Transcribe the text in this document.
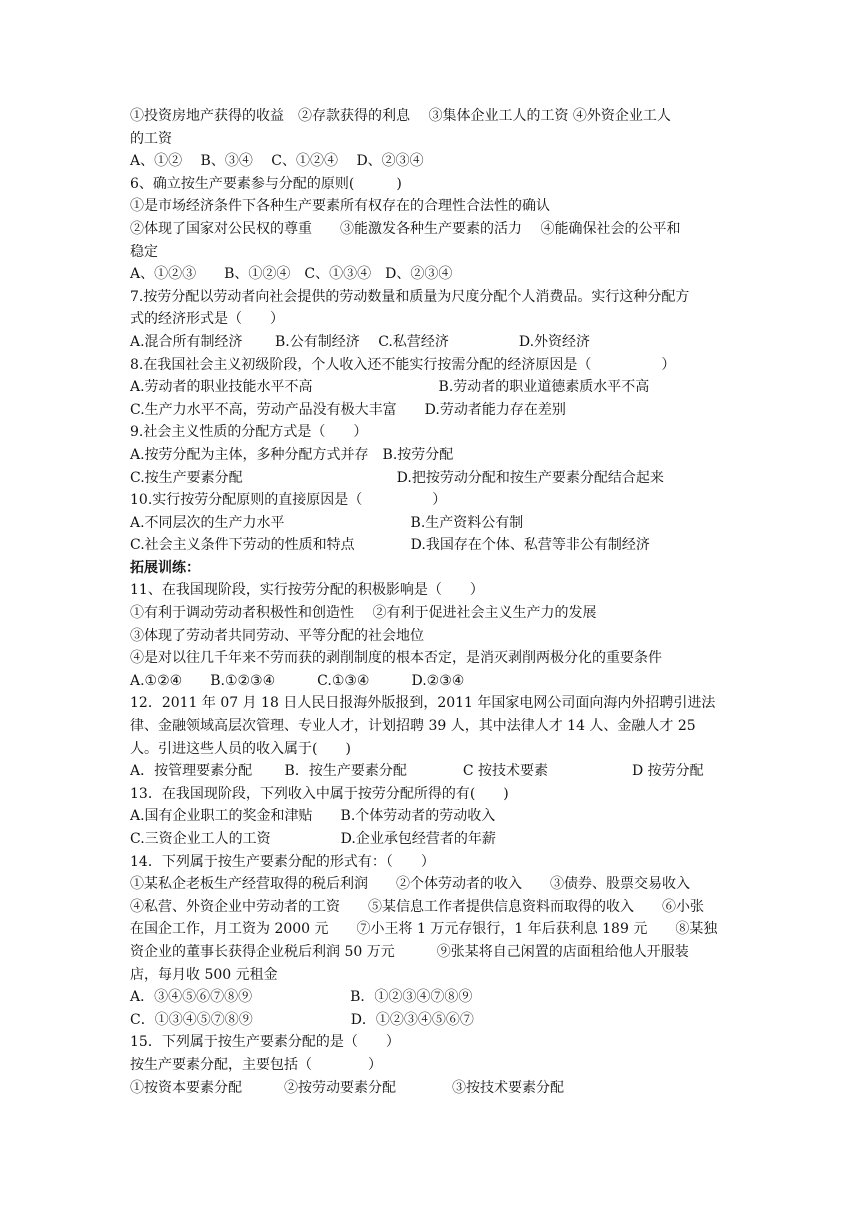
①投资房地产获得的收益　②存款获得的利息　 ③集体企业工人的工资 ④外资企业工人
的工资
A、①②　 B、③④　 C、①②④　 D、②③④
6、确立按生产要素参与分配的原则(　　　)
①是市场经济条件下各种生产要素所有权存在的合理性合法性的确认
②体现了国家对公民权的尊重　　③能激发各种生产要素的活力　 ④能确保社会的公平和
稳定
A、①②③　　B、①②④　C、①③④　D、②③④
7.按劳分配以劳动者向社会提供的劳动数量和质量为尺度分配个人消费品。实行这种分配方
式的经济形式是（　　）
A.混合所有制经济　　 B.公有制经济　 C.私营经济　　　　　D.外资经济
8.在我国社会主义初级阶段，个人收入还不能实行按需分配的经济原因是（　　　　　）
A.劳动者的职业技能水平不高　　　　　　　　　B.劳动者的职业道德素质水平不高
C.生产力水平不高，劳动产品没有极大丰富　　D.劳动者能力存在差别
9.社会主义性质的分配方式是（　　）
A.按劳分配为主体，多种分配方式并存　B.按劳分配
C.按生产要素分配　　　　　　　　　　　D.把按劳动分配和按生产要素分配结合起来
10.实行按劳分配原则的直接原因是（　　　　　）
A.不同层次的生产力水平　　　　　　　　　B.生产资料公有制
C.社会主义条件下劳动的性质和特点　　　　D.我国存在个体、私营等非公有制经济
拓展训练：
11、在我国现阶段，实行按劳分配的积极影响是（　　）
①有利于调动劳动者积极性和创造性　 ②有利于促进社会主义生产力的发展
③体现了劳动者共同劳动、平等分配的社会地位
④是对以往几千年来不劳而获的剥削制度的根本否定，是消灭剥削两极分化的重要条件
A.①②④　　B.①②③④　　　C.①③④　　　D.②③④
12．2011 年 07 月 18 日人民日报海外版报到，2011 年国家电网公司面向海内外招聘引进法
律、金融领域高层次管理、专业人才，计划招聘 39 人，其中法律人才 14 人、金融人才 25
人。引进这些人员的收入属于(　　)
A．按管理要素分配　　 B．按生产要素分配　　　　C 按技术要素　　　　　　D 按劳分配
13．在我国现阶段，下列收入中属于按劳分配所得的有(　　)
A.国有企业职工的奖金和津贴　　B.个体劳动者的劳动收入
C.三资企业工人的工资　　　　　D.企业承包经营者的年薪
14．下列属于按生产要素分配的形式有：（　　）
①某私企老板生产经营取得的税后利润　　②个体劳动者的收入　　③债券、股票交易收入
④私营、外资企业中劳动者的工资　　⑤某信息工作者提供信息资料而取得的收入　　⑥小张
在国企工作，月工资为 2000 元　　⑦小王将 1 万元存银行，1 年后获利息 189 元　　⑧某独
资企业的董事长获得企业税后利润 50 万元　　　⑨张某将自己闲置的店面租给他人开服装
店，每月收 500 元租金
A．③④⑤⑥⑦⑧⑨　　　　　　　B．①②③④⑦⑧⑨
C．①③④⑤⑦⑧⑨　　　　　　　D．①②③④⑤⑥⑦
15．下列属于按生产要素分配的是（　　）
按生产要素分配，主要包括（　　　　）
①按资本要素分配　　　②按劳动要素分配　　　　③按技术要素分配
